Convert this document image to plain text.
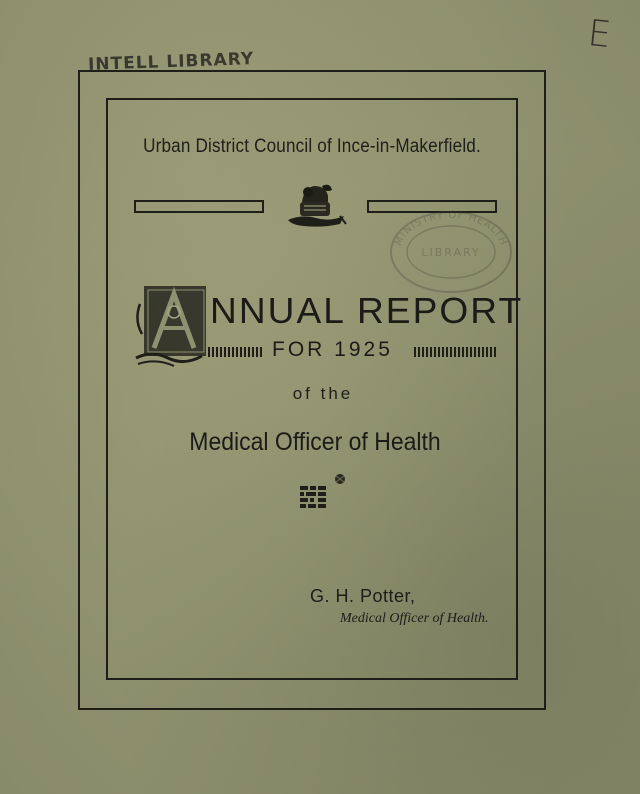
INTELL LIBRARY
E
Urban District Council of Ince-in-Makerfield.
MINISTRY OF HEALTH
LIBRARY
NNUAL REPORT
FOR 1925
of the
Medical Officer of Health
G. H. Potter,
Medical Officer of Health.
